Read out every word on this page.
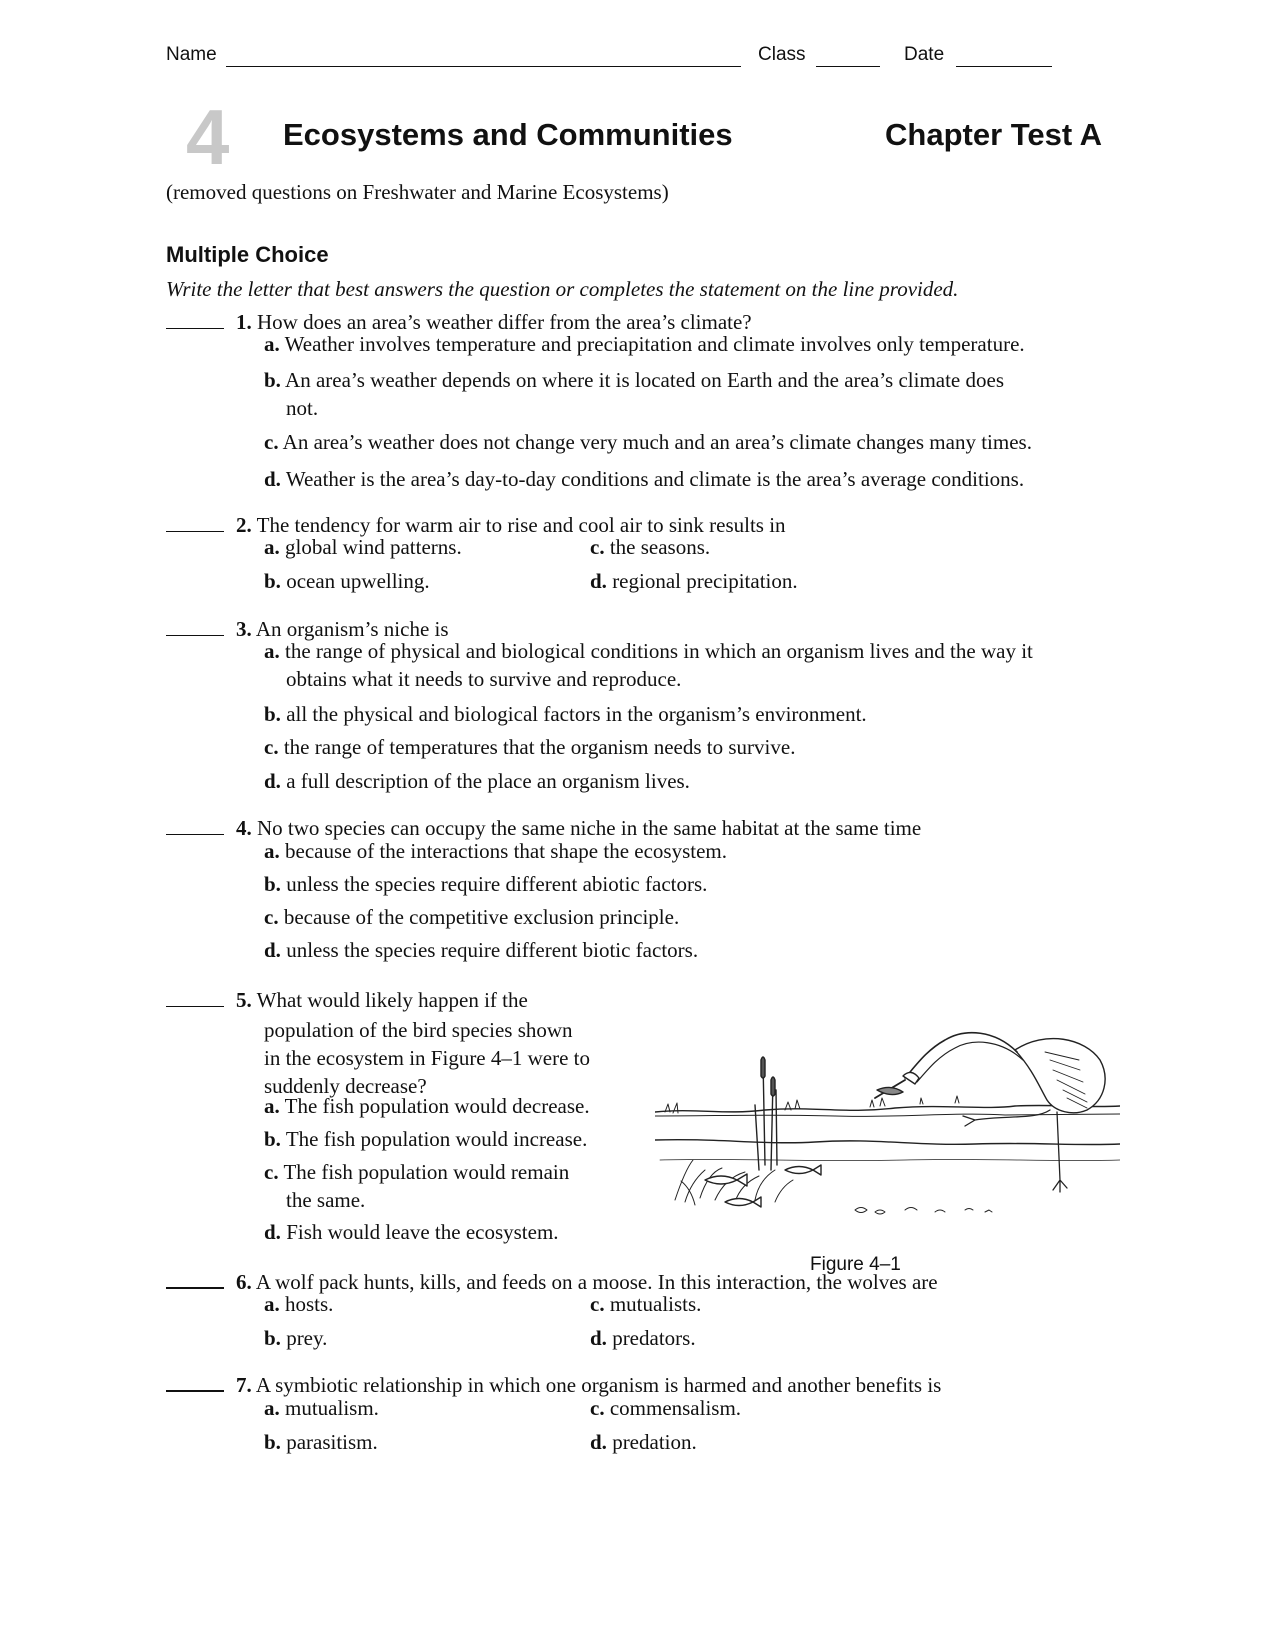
Name	Class	Date
4 Ecosystems and Communities	Chapter Test A
(removed questions on Freshwater and Marine Ecosystems)
Multiple Choice
Write the letter that best answers the question or completes the statement on the line provided.
1. How does an area’s weather differ from the area’s climate?
a. Weather involves temperature and preciapitation and climate involves only temperature.
b. An area’s weather depends on where it is located on Earth and the area’s climate does
not.
c. An area’s weather does not change very much and an area’s climate changes many times.
d. Weather is the area’s day-to-day conditions and climate is the area’s average conditions.
2. The tendency for warm air to rise and cool air to sink results in
a. global wind patterns.
b. ocean upwelling.
c. the seasons.
d. regional precipitation.
3. An organism’s niche is
a. the range of physical and biological conditions in which an organism lives and the way it
obtains what it needs to survive and reproduce.
b. all the physical and biological factors in the organism’s environment.
c. the range of temperatures that the organism needs to survive.
d. a full description of the place an organism lives.
4. No two species can occupy the same niche in the same habitat at the same time
a. because of the interactions that shape the ecosystem.
b. unless the species require different abiotic factors.
c. because of the competitive exclusion principle.
d. unless the species require different biotic factors.
5. What would likely happen if the
population of the bird species shown
in the ecosystem in Figure 4–1 were to
suddenly decrease?
a. The fish population would decrease.
b. The fish population would increase.
c. The fish population would remain
the same.
d. Fish would leave the ecosystem.
Figure 4–1
6. A wolf pack hunts, kills, and feeds on a moose. In this interaction, the wolves are
a. hosts.
b. prey.
c. mutualists.
d. predators.
7. A symbiotic relationship in which one organism is harmed and another benefits is
a. mutualism.
b. parasitism.
c. commensalism.
d. predation.
